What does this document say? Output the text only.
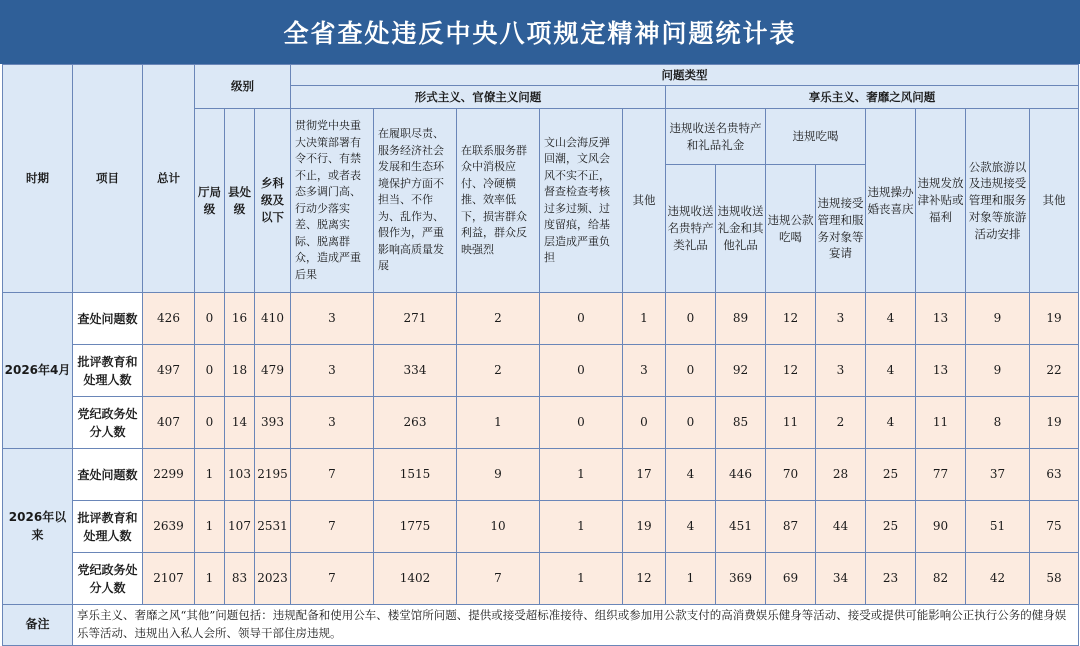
全省查处违反中央八项规定精神问题统计表
时期	项目	总计	级别			问题类型												
						形式主义、官僚主义问题					享乐主义、奢靡之风问题							
			厅局级	县处级	乡科级及以下	贯彻党中央重大决策部署有令不行、有禁不止，或者表态多调门高、行动少落实差、脱离实际、脱离群众，造成严重后果	在履职尽责、服务经济社会发展和生态环境保护方面不担当、不作为、乱作为、假作为，严重影响高质量发展	在联系服务群众中消极应付、冷硬横推、效率低下，损害群众利益，群众反映强烈	文山会海反弹回潮，文风会风不实不正，督查检查考核过多过频、过度留痕，给基层造成严重负担	其他	违规收送名贵特产和礼品礼金		违规吃喝		违规操办婚丧喜庆	违规发放津补贴或福利	公款旅游以及违规接受管理和服务对象等旅游活动安排	其他
											违规收送名贵特产类礼品	违规收送礼金和其他礼品	违规公款吃喝	违规接受管理和服务对象等宴请				
2026年4月	查处问题数	426	0	16	410	3	271	2	0	1	0	89	12	3	4	13	9	19
	批评教育和处理人数	497	0	18	479	3	334	2	0	3	0	92	12	3	4	13	9	22
	党纪政务处分人数	407	0	14	393	3	263	1	0	0	0	85	11	2	4	11	8	19
2026年以来	查处问题数	2299	1	103	2195	7	1515	9	1	17	4	446	70	28	25	77	37	63
	批评教育和处理人数	2639	1	107	2531	7	1775	10	1	19	4	451	87	44	25	90	51	75
	党纪政务处分人数	2107	1	83	2023	7	1402	7	1	12	1	369	69	34	23	82	42	58
备注	享乐主义、奢靡之风“其他”问题包括：违规配备和使用公车、楼堂馆所问题、提供或接受超标准接待、组织或参加用公款支付的高消费娱乐健身等活动、接受或提供可能影响公正执行公务的健身娱乐等活动、违规出入私人会所、领导干部住房违规。																	
